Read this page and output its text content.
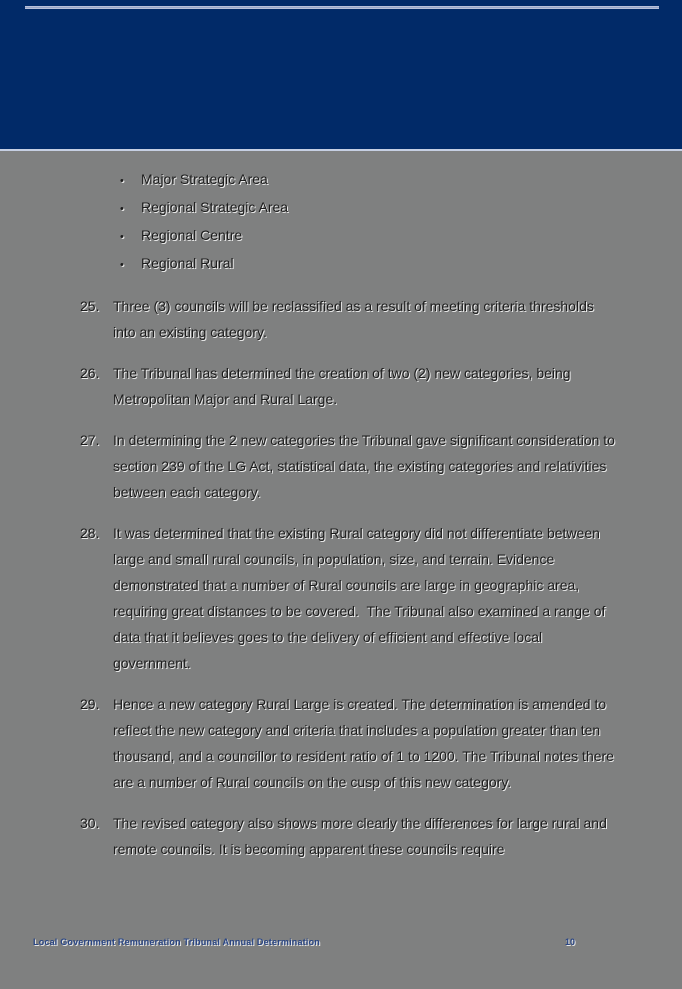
•	Major Strategic Area
•	Regional Strategic Area
•	Regional Centre
•	Regional Rural
25. Three (3) councils will be reclassified as a result of meeting criteria thresholds into an existing category.
26. The Tribunal has determined the creation of two (2) new categories, being Metropolitan Major and Rural Large.
27. In determining the 2 new categories the Tribunal gave significant consideration to section 239 of the LG Act, statistical data, the existing categories and relativities between each category.
28. It was determined that the existing Rural category did not differentiate between large and small rural councils, in population, size, and terrain. Evidence demonstrated that a number of Rural councils are large in geographic area, requiring great distances to be covered.  The Tribunal also examined a range of data that it believes goes to the delivery of efficient and effective local government.
29. Hence a new category Rural Large is created. The determination is amended to reflect the new category and criteria that includes a population greater than ten thousand, and a councillor to resident ratio of 1 to 1200. The Tribunal notes there are a number of Rural councils on the cusp of this new category.
30. The revised category also shows more clearly the differences for large rural and remote councils. It is becoming apparent these councils require
Local Government Remuneration Tribunal Annual Determination	10
